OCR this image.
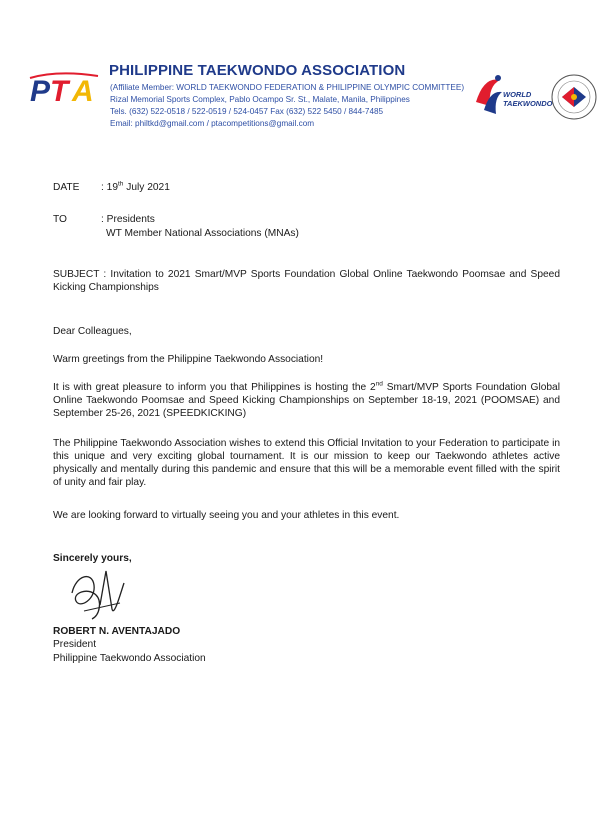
P T A
PHILIPPINE TAEKWONDO ASSOCIATION
(Affiliate Member: WORLD TAEKWONDO FEDERATION & PHILIPPINE OLYMPIC COMMITTEE)
Rizal Memorial Sports Complex, Pablo Ocampo Sr. St., Malate, Manila, Philippines
Tels. (632) 522-0518 / 522-0519 / 524-0457 Fax (632) 522 5450 / 844-7485
Email: philtkd@gmail.com / ptacompetitions@gmail.com
WORLD
TAEKWONDO
DATE : 19th July 2021
TO	: Presidents
WT Member National Associations (MNAs)
SUBJECT : Invitation to 2021 Smart/MVP Sports Foundation Global Online Taekwondo Poomsae and Speed Kicking Championships
Dear Colleagues,
Warm greetings from the Philippine Taekwondo Association!
It is with great pleasure to inform you that Philippines is hosting the 2nd Smart/MVP Sports Foundation Global Online Taekwondo Poomsae and Speed Kicking Championships on September 18-19, 2021 (POOMSAE) and September 25-26, 2021 (SPEEDKICKING)
The Philippine Taekwondo Association wishes to extend this Official Invitation to your Federation to participate in this unique and very exciting global tournament. It is our mission to keep our Taekwondo athletes active physically and mentally during this pandemic and ensure that this will be a memorable event filled with the spirit of unity and fair play.
We are looking forward to virtually seeing you and your athletes in this event.
Sincerely yours,
ROBERT N. AVENTAJADO
President
Philippine Taekwondo Association
